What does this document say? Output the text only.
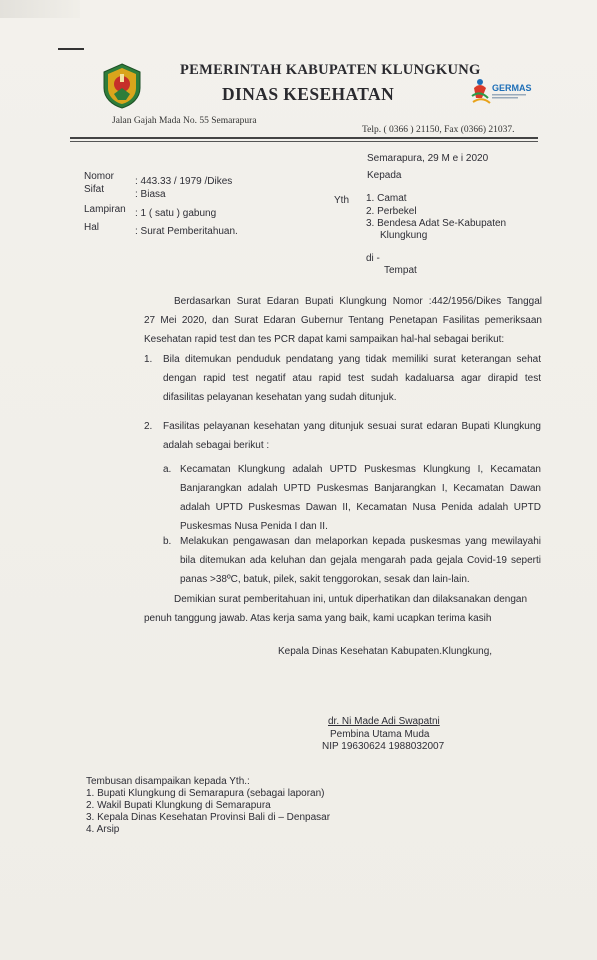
PEMERINTAH KABUPATEN KLUNGKUNG
DINAS KESEHATAN	GERMAS
Jalan Gajah Mada No. 55 Semarapura
Telp. ( 0366 ) 21150, Fax (0366) 21037.
Semarapura, 29 M e i 2020
Kepada
Nomor : 443.33 / 1979 /Dikes
Sifat	: Biasa
Lampiran : 1 ( satu ) gabung
Hal	: Surat Pemberitahuan.
Yth 1. Camat
2. Perbekel
3. Bendesa Adat Se-Kabupaten
Klungkung
di -
Tempat
Berdasarkan Surat Edaran Bupati Klungkung Nomor :442/1956/Dikes Tanggal
27 Mei 2020, dan Surat Edaran Gubernur Tentang Penetapan Fasilitas pemeriksaan
Kesehatan rapid test dan tes PCR dapat kami sampaikan hal-hal sebagai berikut:
1. Bila ditemukan penduduk pendatang yang tidak memiliki surat keterangan sehat
dengan rapid test negatif atau rapid test sudah kadaluarsa agar dirapid test
difasilitas pelayanan kesehatan yang sudah ditunjuk.
2. Fasilitas pelayanan kesehatan yang ditunjuk sesuai surat edaran Bupati Klungkung
adalah sebagai berikut :
a. Kecamatan Klungkung adalah UPTD Puskesmas Klungkung I, Kecamatan
Banjarangkan adalah UPTD Puskesmas Banjarangkan I, Kecamatan Dawan
adalah UPTD Puskesmas Dawan II, Kecamatan Nusa Penida adalah UPTD
Puskesmas Nusa Penida I dan II.
b. Melakukan pengawasan dan melaporkan kepada puskesmas yang mewilayahi
bila ditemukan ada keluhan dan gejala mengarah pada gejala Covid-19 seperti
panas >38ºC, batuk, pilek, sakit tenggorokan, sesak dan lain-lain.
Demikian surat pemberitahuan ini, untuk diperhatikan dan dilaksanakan dengan
penuh tanggung jawab. Atas kerja sama yang baik, kami ucapkan terima kasih
Kepala Dinas Kesehatan Kabupaten.Klungkung,
dr. Ni Made Adi Swapatni
Pembina Utama Muda
NIP 19630624 1988032007
Tembusan disampaikan kepada Yth.:
1. Bupati Klungkung di Semarapura (sebagai laporan)
2. Wakil Bupati Klungkung di Semarapura
3. Kepala Dinas Kesehatan Provinsi Bali di – Denpasar
4. Arsip
